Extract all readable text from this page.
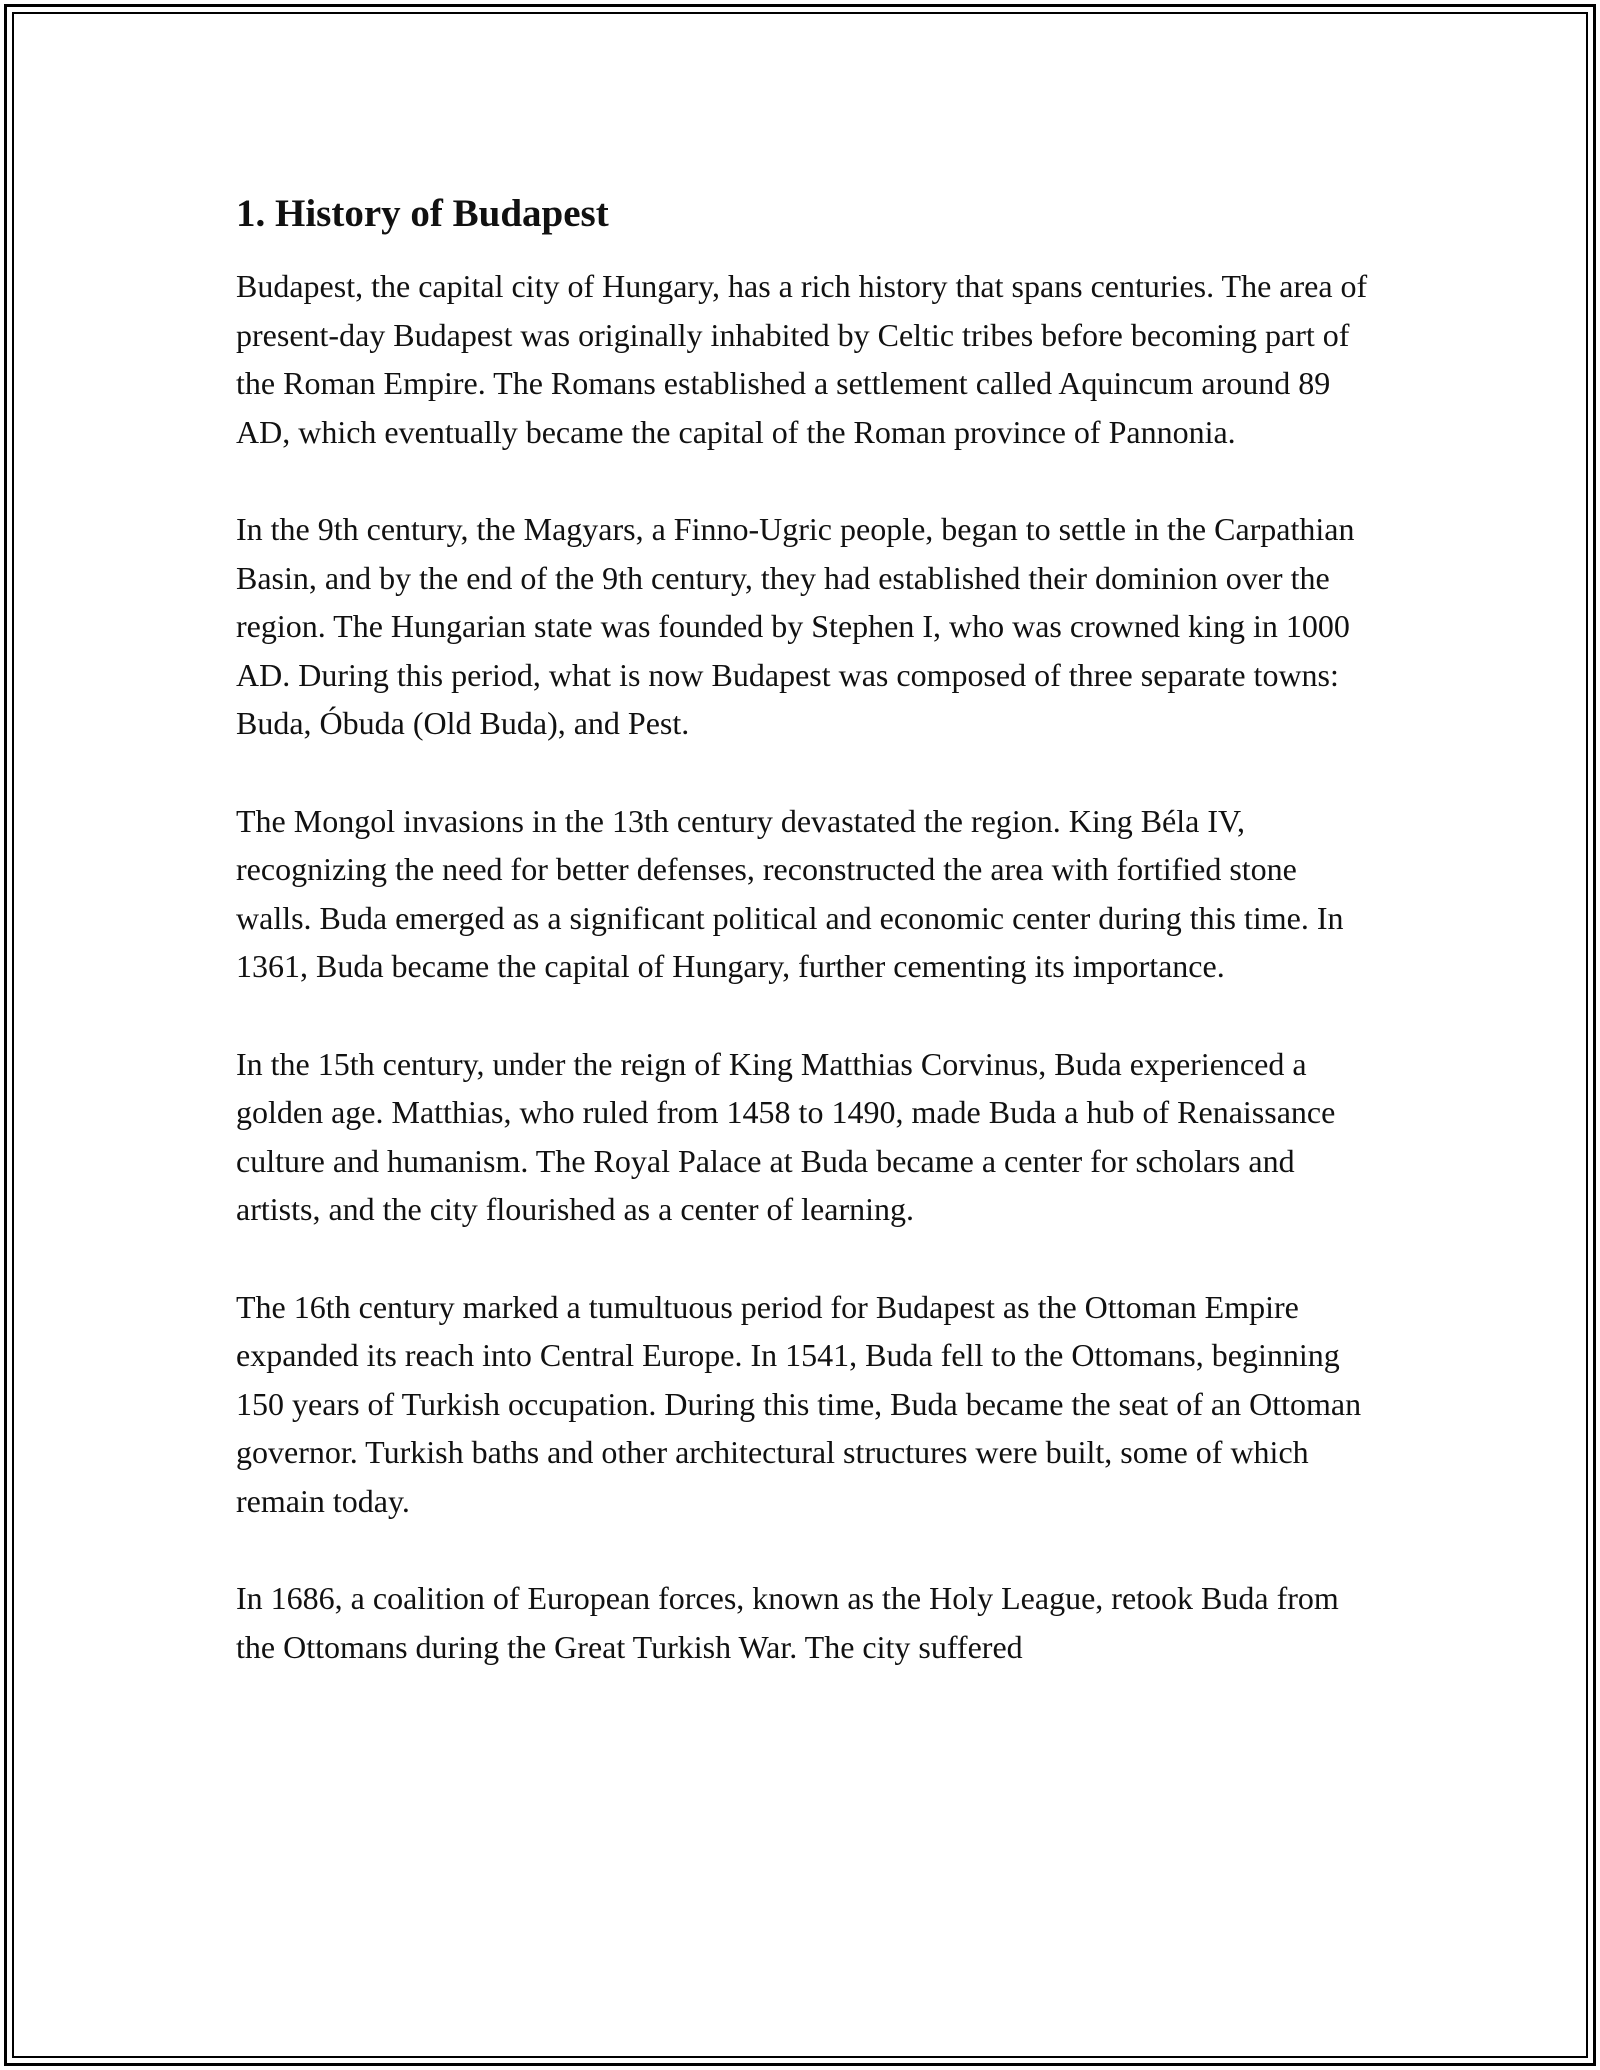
1. History of Budapest

Budapest, the capital city of Hungary, has a rich history that spans centuries. The area of present-day Budapest was originally inhabited by Celtic tribes before becoming part of the Roman Empire. The Romans established a settlement called Aquincum around 89 AD, which eventually became the capital of the Roman province of Pannonia.

In the 9th century, the Magyars, a Finno-Ugric people, began to settle in the Carpathian Basin, and by the end of the 9th century, they had established their dominion over the region. The Hungarian state was founded by Stephen I, who was crowned king in 1000 AD. During this period, what is now Budapest was composed of three separate towns: Buda, Óbuda (Old Buda), and Pest.

The Mongol invasions in the 13th century devastated the region. King Béla IV, recognizing the need for better defenses, reconstructed the area with fortified stone walls. Buda emerged as a significant political and economic center during this time. In 1361, Buda became the capital of Hungary, further cementing its importance.

In the 15th century, under the reign of King Matthias Corvinus, Buda experienced a golden age. Matthias, who ruled from 1458 to 1490, made Buda a hub of Renaissance culture and humanism. The Royal Palace at Buda became a center for scholars and artists, and the city flourished as a center of learning.

The 16th century marked a tumultuous period for Budapest as the Ottoman Empire expanded its reach into Central Europe. In 1541, Buda fell to the Ottomans, beginning 150 years of Turkish occupation. During this time, Buda became the seat of an Ottoman governor. Turkish baths and other architectural structures were built, some of which remain today.

In 1686, a coalition of European forces, known as the Holy League, retook Buda from the Ottomans during the Great Turkish War. The city suffered
